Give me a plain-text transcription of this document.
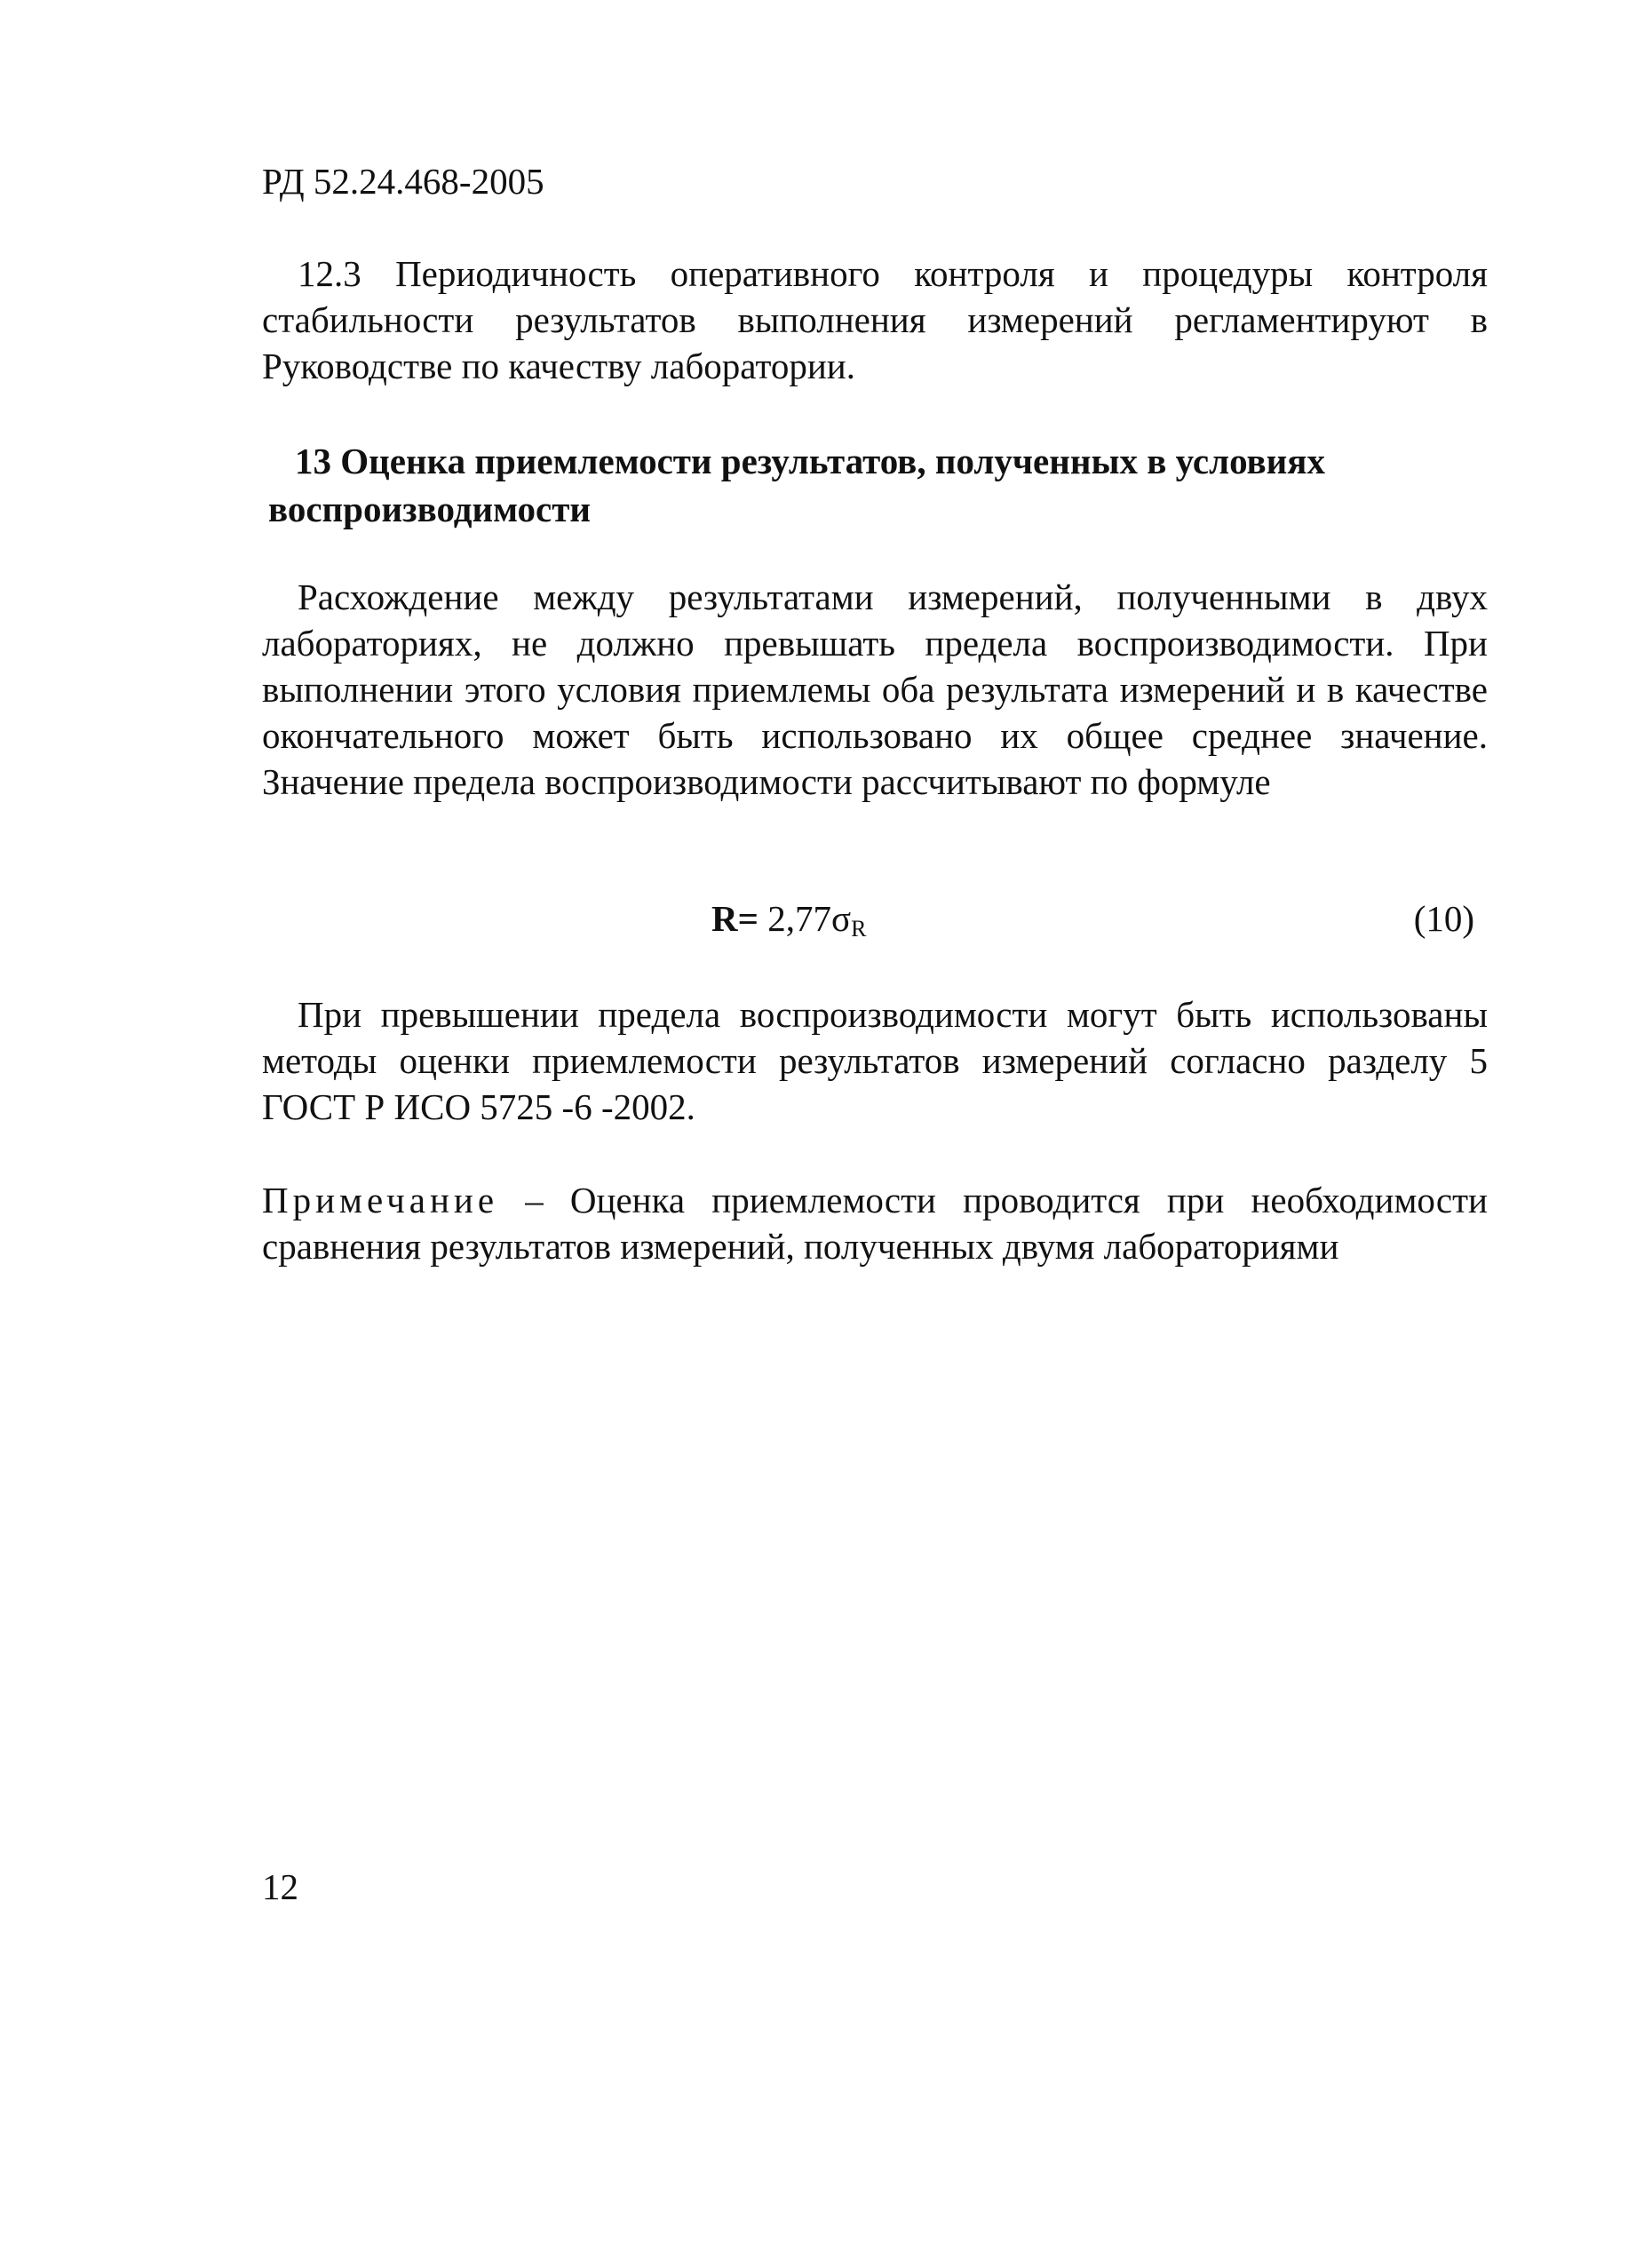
РД 52.24.468-2005
12.3 Периодичность оперативного контроля и процедуры контроля стабильности результатов выполнения измерений регламентируют в Руководстве по качеству лаборатории.
13 Оценка приемлемости результатов, полученных в условиях воспроизводимости
Расхождение между результатами измерений, полученными в двух лабораториях, не должно превышать предела воспроизводимости. При выполнении этого условия приемлемы оба результата измерений и в качестве окончательного может быть использовано их общее среднее значение. Значение предела воспроизводимости рассчитывают по формуле
$R= 2,77\sigma_R$	(10)
При превышении предела воспроизводимости могут быть использованы методы оценки приемлемости результатов измерений согласно разделу 5 ГОСТ Р ИСО 5725 -6 -2002.
Примечание – Оценка приемлемости проводится при необходимости сравнения результатов измерений, полученных двумя лабораториями
12
